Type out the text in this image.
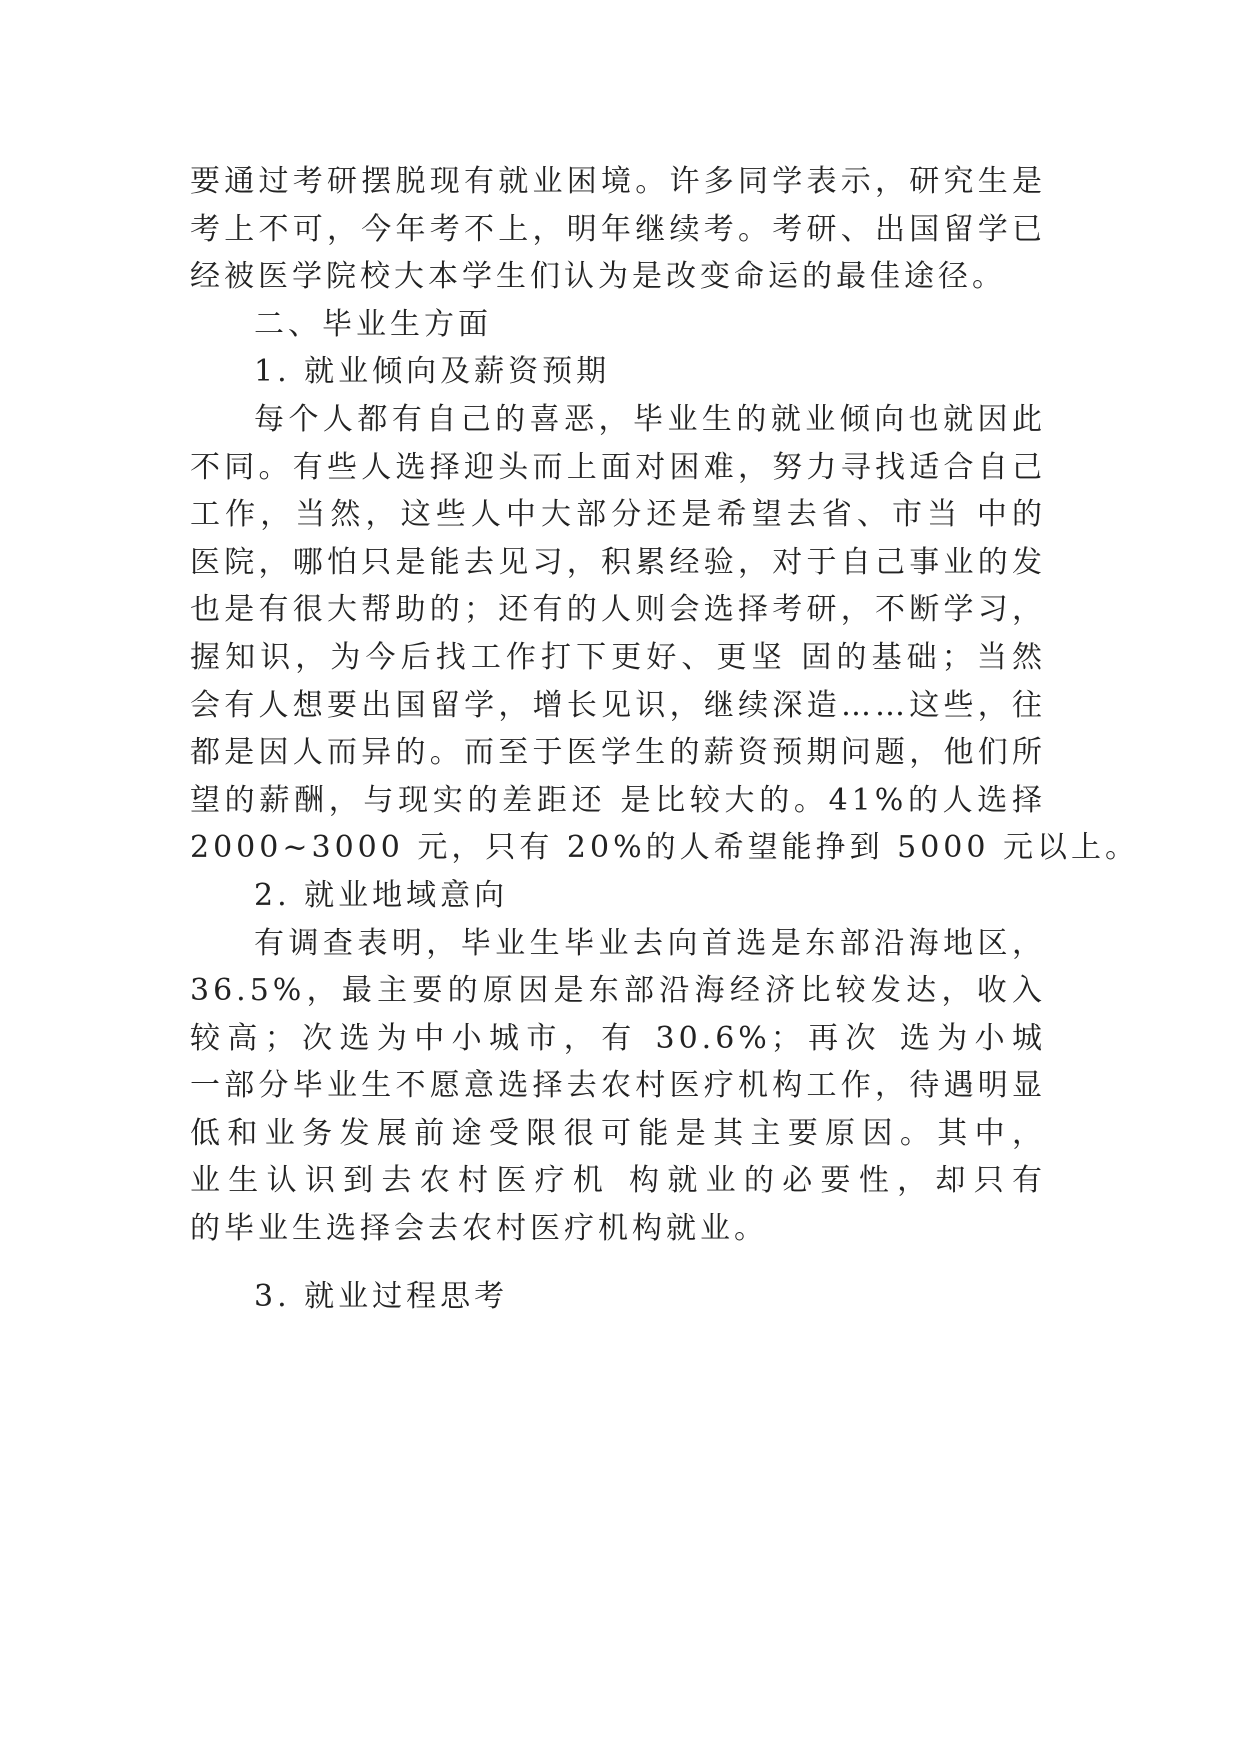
要通过考研摆脱现有就业困境。许多同学表示，研究生是
考上不可，今年考不上，明年继续考。考研、出国留学已
经被医学院校大本学生们认为是改变命运的最佳途径。
二、毕业生方面
1. 就业倾向及薪资预期
每个人都有自己的喜恶，毕业生的就业倾向也就因此
不同。有些人选择迎头而上面对困难，努力寻找适合自己
工作，当然，这些人中大部分还是希望去省、市当 中的
医院，哪怕只是能去见习，积累经验，对于自己事业的发
也是有很大帮助的；还有的人则会选择考研，不断学习，
握知识，为今后找工作打下更好、更坚 固的基础；当然
会有人想要出国留学，增长见识，继续深造……这些，往
都是因人而异的。而至于医学生的薪资预期问题，他们所
望的薪酬，与现实的差距还 是比较大的。41%的人选择
2000~3000 元，只有 20%的人希望能挣到 5000 元以上。
2. 就业地域意向
有调查表明，毕业生毕业去向首选是东部沿海地区，
36.5%，最主要的原因是东部沿海经济比较发达，收入
较高；次选为中小城市，有 30.6%；再次 选为小城
一部分毕业生不愿意选择去农村医疗机构工作，待遇明显
低和业务发展前途受限很可能是其主要原因。其中，
业生认识到去农村医疗机 构就业的必要性，却只有
的毕业生选择会去农村医疗机构就业。
3. 就业过程思考
